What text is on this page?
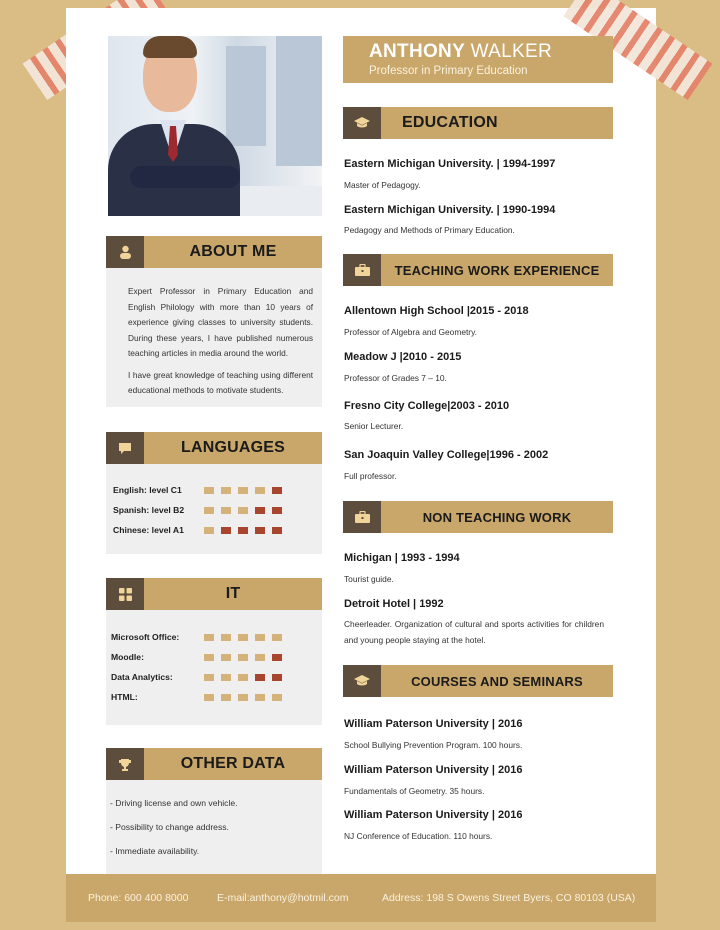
ABOUT ME

Expert Professor in Primary Education and English Philology with more than 10 years of experience giving classes to university students. During these years, I have published numerous teaching articles in media around the world.

I have great knowledge of teaching using different educational methods to motivate students.

LANGUAGES
English: level C1
Spanish: level B2
Chinese: level A1
IT
Microsoft Office:
Moodle:
Data Analytics:
HTML:
OTHER DATA
- Driving license and own vehicle.
- Possibility to change address.
- Immediate availability.
ANTHONY WALKER
Professor in Primary Education
EDUCATION
Eastern Michigan University. | 1994-1997
Master of Pedagogy.
Eastern Michigan University. | 1990-1994
Pedagogy and Methods of Primary Education.
TEACHING WORK EXPERIENCE
Allentown High School |2015 - 2018
Professor of Algebra and Geometry.
Meadow J |2010 - 2015
Professor of Grades 7 – 10.
Fresno City College|2003 - 2010
Senior Lecturer.
San Joaquin Valley College|1996 - 2002
Full professor.
NON TEACHING WORK
Michigan | 1993 - 1994
Tourist guide.
Detroit Hotel | 1992
Cheerleader. Organization of cultural and sports activities for children and young people staying at the hotel.
COURSES AND SEMINARS
William Paterson University | 2016
School Bullying Prevention Program. 100 hours.
William Paterson University | 2016
Fundamentals of Geometry. 35 hours.
William Paterson University | 2016
NJ Conference of Education. 110 hours.
Phone: 600 400 8000	E-mail:anthony@hotmil.com	Address: 198 S Owens Street Byers, CO 80103 (USA)
